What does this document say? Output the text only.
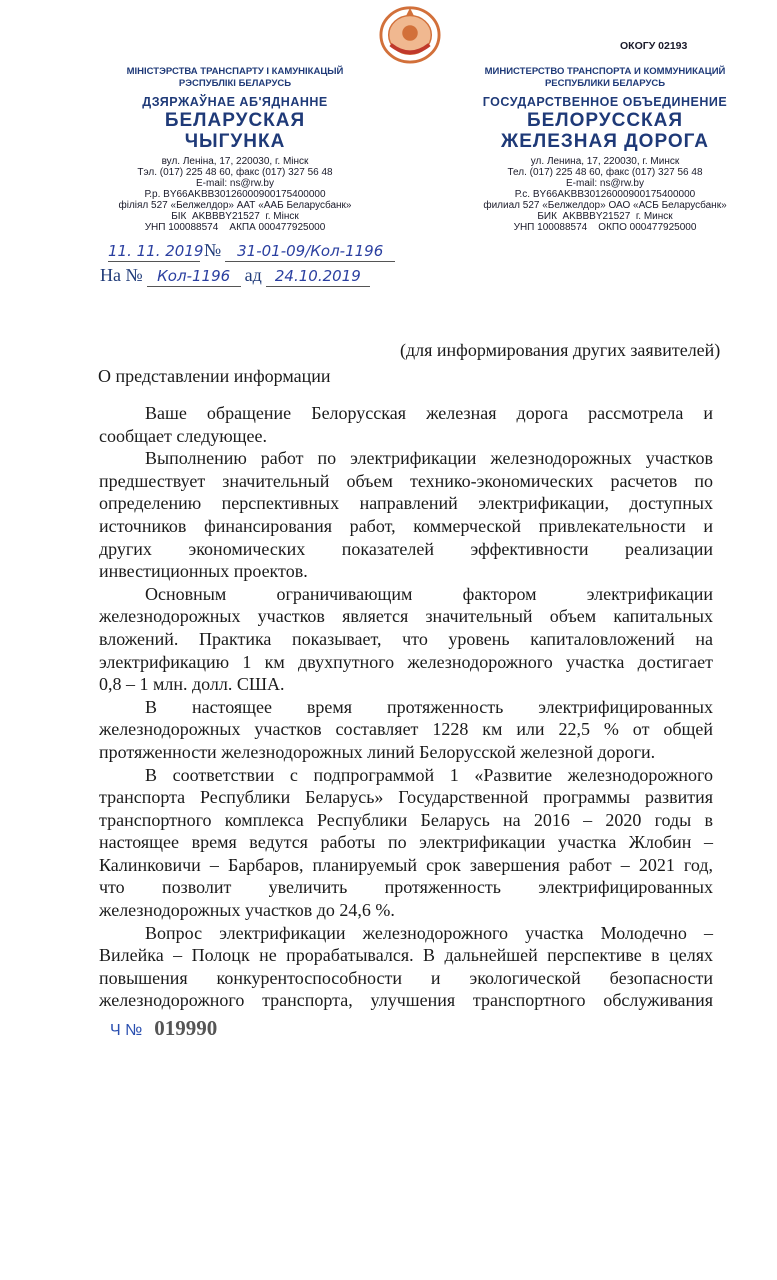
ОКОГУ 02193
МІНІСТЭРСТВА ТРАНСПАРТУ І КАМУНІКАЦЫЙ
РЭСПУБЛІКІ БЕЛАРУСЬ
ДЗЯРЖАЎНАЕ АБ'ЯДНАННЕ
БЕЛАРУСКАЯ
ЧЫГУНКА
вул. Леніна, 17, 220030, г. Мінск
Тэл. (017) 225 48 60, факс (017) 327 56 48
E-mail: ns@rw.by
Р.р. BY66AKBB30126000900175400000
філіял 527 «Белжелдор» ААТ «ААБ Беларусбанк»
БІК  AKBBBY21527  г. Мінск
УНП 100088574    АКПА 000477925000
МИНИСТЕРСТВО ТРАНСПОРТА И КОММУНИКАЦИЙ
РЕСПУБЛИКИ БЕЛАРУСЬ
ГОСУДАРСТВЕННОЕ ОБЪЕДИНЕНИЕ
БЕЛОРУССКАЯ
ЖЕЛЕЗНАЯ ДОРОГА
ул. Ленина, 17, 220030, г. Минск
Тел. (017) 225 48 60, факс (017) 327 56 48
E-mail: ns@rw.by
Р.с. BY66AKBB30126000900175400000
филиал 527 «Белжелдор» ОАО «АСБ Беларусбанк»
БИК  AKBBBY21527  г. Минск
УНП 100088574    ОКПО 000477925000
11. 11. 2019 № 31-01-09/Кол-1196
На № Кол-1196 ад 24.10.2019
(для информирования других заявителей)
О представлении информации
Ваше обращение Белорусская железная дорога рассмотрела и
сообщает следующее.
Выполнению работ по электрификации железнодорожных участков
предшествует значительный объем технико-экономических расчетов по
определению перспективных направлений электрификации, доступных
источников финансирования работ, коммерческой привлекательности и
других экономических показателей эффективности реализации
инвестиционных проектов.
Основным ограничивающим фактором электрификации
железнодорожных участков является значительный объем капитальных
вложений. Практика показывает, что уровень капиталовложений на
электрификацию 1 км двухпутного железнодорожного участка достигает
0,8 – 1 млн. долл. США.
В настоящее время протяженность электрифицированных
железнодорожных участков составляет 1228 км или 22,5 % от общей
протяженности железнодорожных линий Белорусской железной дороги.
В соответствии с подпрограммой 1 «Развитие железнодорожного
транспорта Республики Беларусь» Государственной программы развития
транспортного комплекса Республики Беларусь на 2016 – 2020 годы в
настоящее время ведутся работы по электрификации участка Жлобин –
Калинковичи – Барбаров, планируемый срок завершения работ – 2021 год,
что позволит увеличить протяженность электрифицированных
железнодорожных участков до 24,6 %.
Вопрос электрификации железнодорожного участка Молодечно –
Вилейка – Полоцк не прорабатывался. В дальнейшей перспективе в целях
повышения конкурентоспособности и экологической безопасности
железнодорожного транспорта, улучшения транспортного обслуживания
Ч № 019990
